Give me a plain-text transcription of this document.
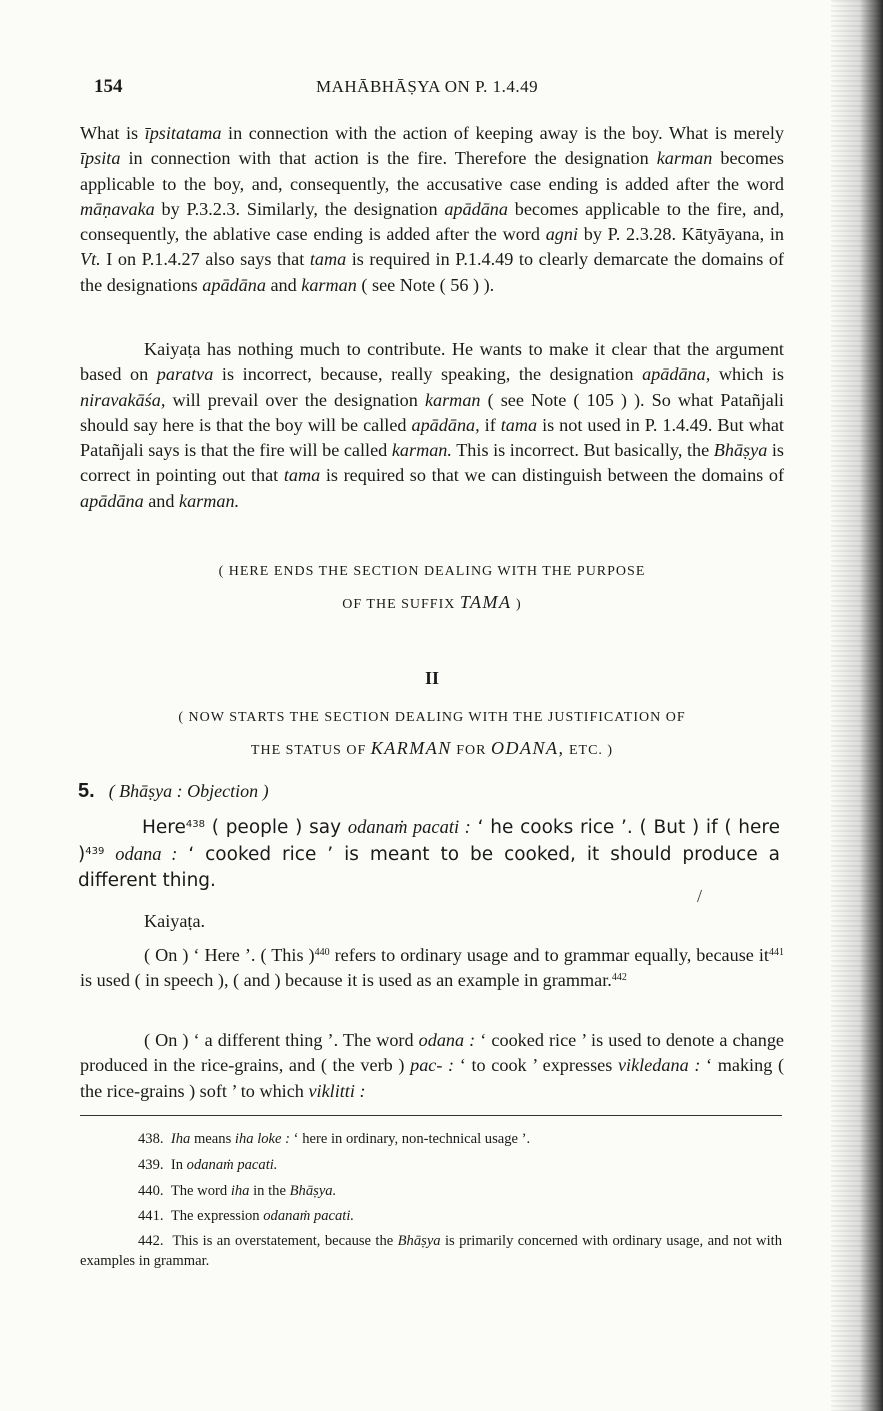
154	MAHĀBHĀṢYA ON P. 1.4.49

What is īpsitatama in connection with the action of keeping away is the boy. What is merely īpsita in connection with that action is the fire. Therefore the designation karman becomes applicable to the boy, and, consequently, the accusative case ending is added after the word māṇavaka by P.3.2.3. Similarly, the designation apādāna becomes applicable to the fire, and, consequently, the ablative case ending is added after the word agni by P. 2.3.28. Kātyāyana, in Vt. I on P.1.4.27 also says that tama is required in P.1.4.49 to clearly demarcate the domains of the designations apādāna and karman ( see Note ( 56 ) ).

Kaiyaṭa has nothing much to contribute. He wants to make it clear that the argument based on paratva is incorrect, because, really speaking, the designation apādāna, which is niravakāśa, will prevail over the designation karman ( see Note ( 105 ) ). So what Patañjali should say here is that the boy will be called apādāna, if tama is not used in P. 1.4.49. But what Patañjali says is that the fire will be called karman. This is incorrect. But basically, the Bhāṣya is correct in pointing out that tama is required so that we can distinguish between the domains of apādāna and karman.

( HERE ENDS THE SECTION DEALING WITH THE PURPOSE
OF THE SUFFIX TAMA )
II
( NOW STARTS THE SECTION DEALING WITH THE JUSTIFICATION OF
THE STATUS OF KARMAN FOR ODANA, ETC. )
5. ( Bhāṣya : Objection )

Here$^{438}$ ( people ) say odanaṁ pacati : ‘ he cooks rice ’. ( But ) if ( here )$^{439}$ odana : ‘ cooked rice ’ is meant to be cooked, it should produce a different thing.

/

Kaiyaṭa.

( On ) ‘ Here ’. ( This )$^{440}$ refers to ordinary usage and to grammar equally, because $it^{441}$ is used ( in speech ), ( and ) because it is used as an example in grammar.$^{442}$

( On ) ‘ a different thing ’. The word odana : ‘ cooked rice ’ is used to denote a change produced in the rice-grains, and ( the verb ) pac- : ‘ to cook ’ expresses vikledana : ‘ making ( the rice-grains ) soft ’ to which viklitti :

438. Iha means iha loke : ‘ here in ordinary, non-technical usage ’.

439. In odanaṁ pacati.

440. The word iha in the Bhāṣya.

441. The expression odanaṁ pacati.

442. This is an overstatement, because the Bhāṣya is primarily concerned with ordinary usage, and not with examples in grammar.
